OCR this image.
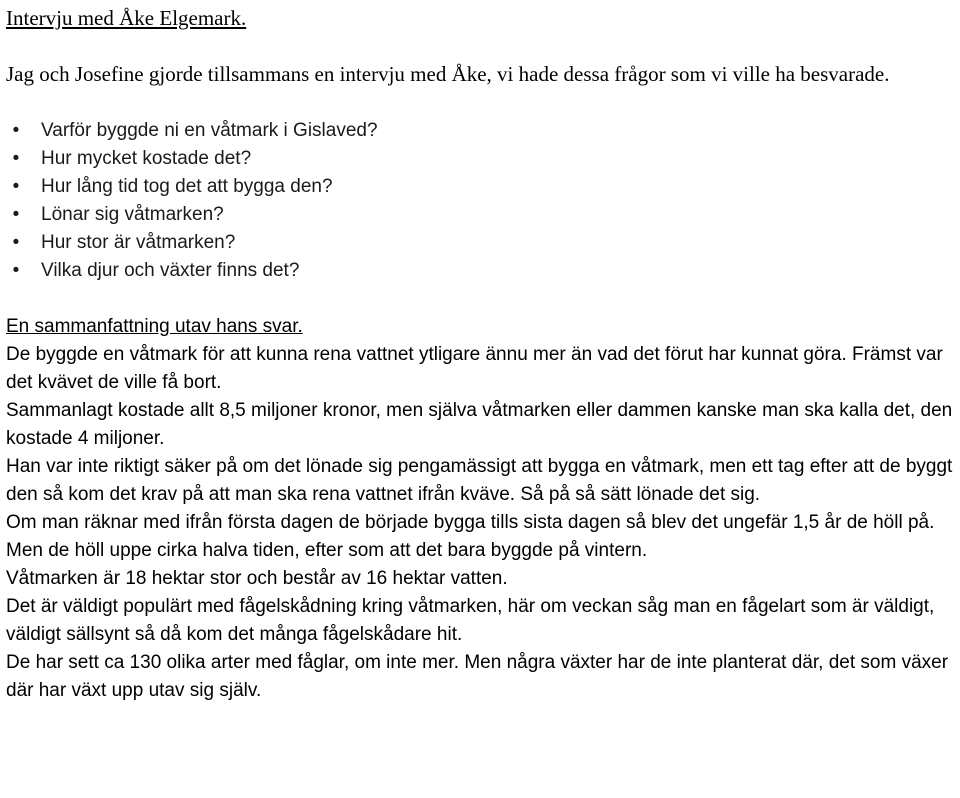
Intervju med Åke Elgemark.

Jag och Josefine gjorde tillsammans en intervju med Åke, vi hade dessa frågor som vi ville ha besvarade.

•	Varför byggde ni en våtmark i Gislaved?
•	Hur mycket kostade det?
•	Hur lång tid tog det att bygga den?
•	Lönar sig våtmarken?
•	Hur stor är våtmarken?
•	Vilka djur och växter finns det?

En sammanfattning utav hans svar.

De byggde en våtmark för att kunna rena vattnet ytligare ännu mer än vad det förut har kunnat göra. Främst var det kvävet de ville få bort.

Sammanlagt kostade allt 8,5 miljoner kronor, men själva våtmarken eller dammen kanske man ska kalla det, den kostade 4 miljoner.

Han var inte riktigt säker på om det lönade sig pengamässigt att bygga en våtmark, men ett tag efter att de byggt den så kom det krav på att man ska rena vattnet ifrån kväve. Så på så sätt lönade det sig.

Om man räknar med ifrån första dagen de började bygga tills sista dagen så blev det ungefär 1,5 år de höll på. Men de höll uppe cirka halva tiden, efter som att det bara byggde på vintern.

Våtmarken är 18 hektar stor och består av 16 hektar vatten.

Det är väldigt populärt med fågelskådning kring våtmarken, här om veckan såg man en fågelart som är väldigt, väldigt sällsynt så då kom det många fågelskådare hit.

De har sett ca 130 olika arter med fåglar, om inte mer. Men några växter har de inte planterat där, det som växer där har växt upp utav sig själv.
